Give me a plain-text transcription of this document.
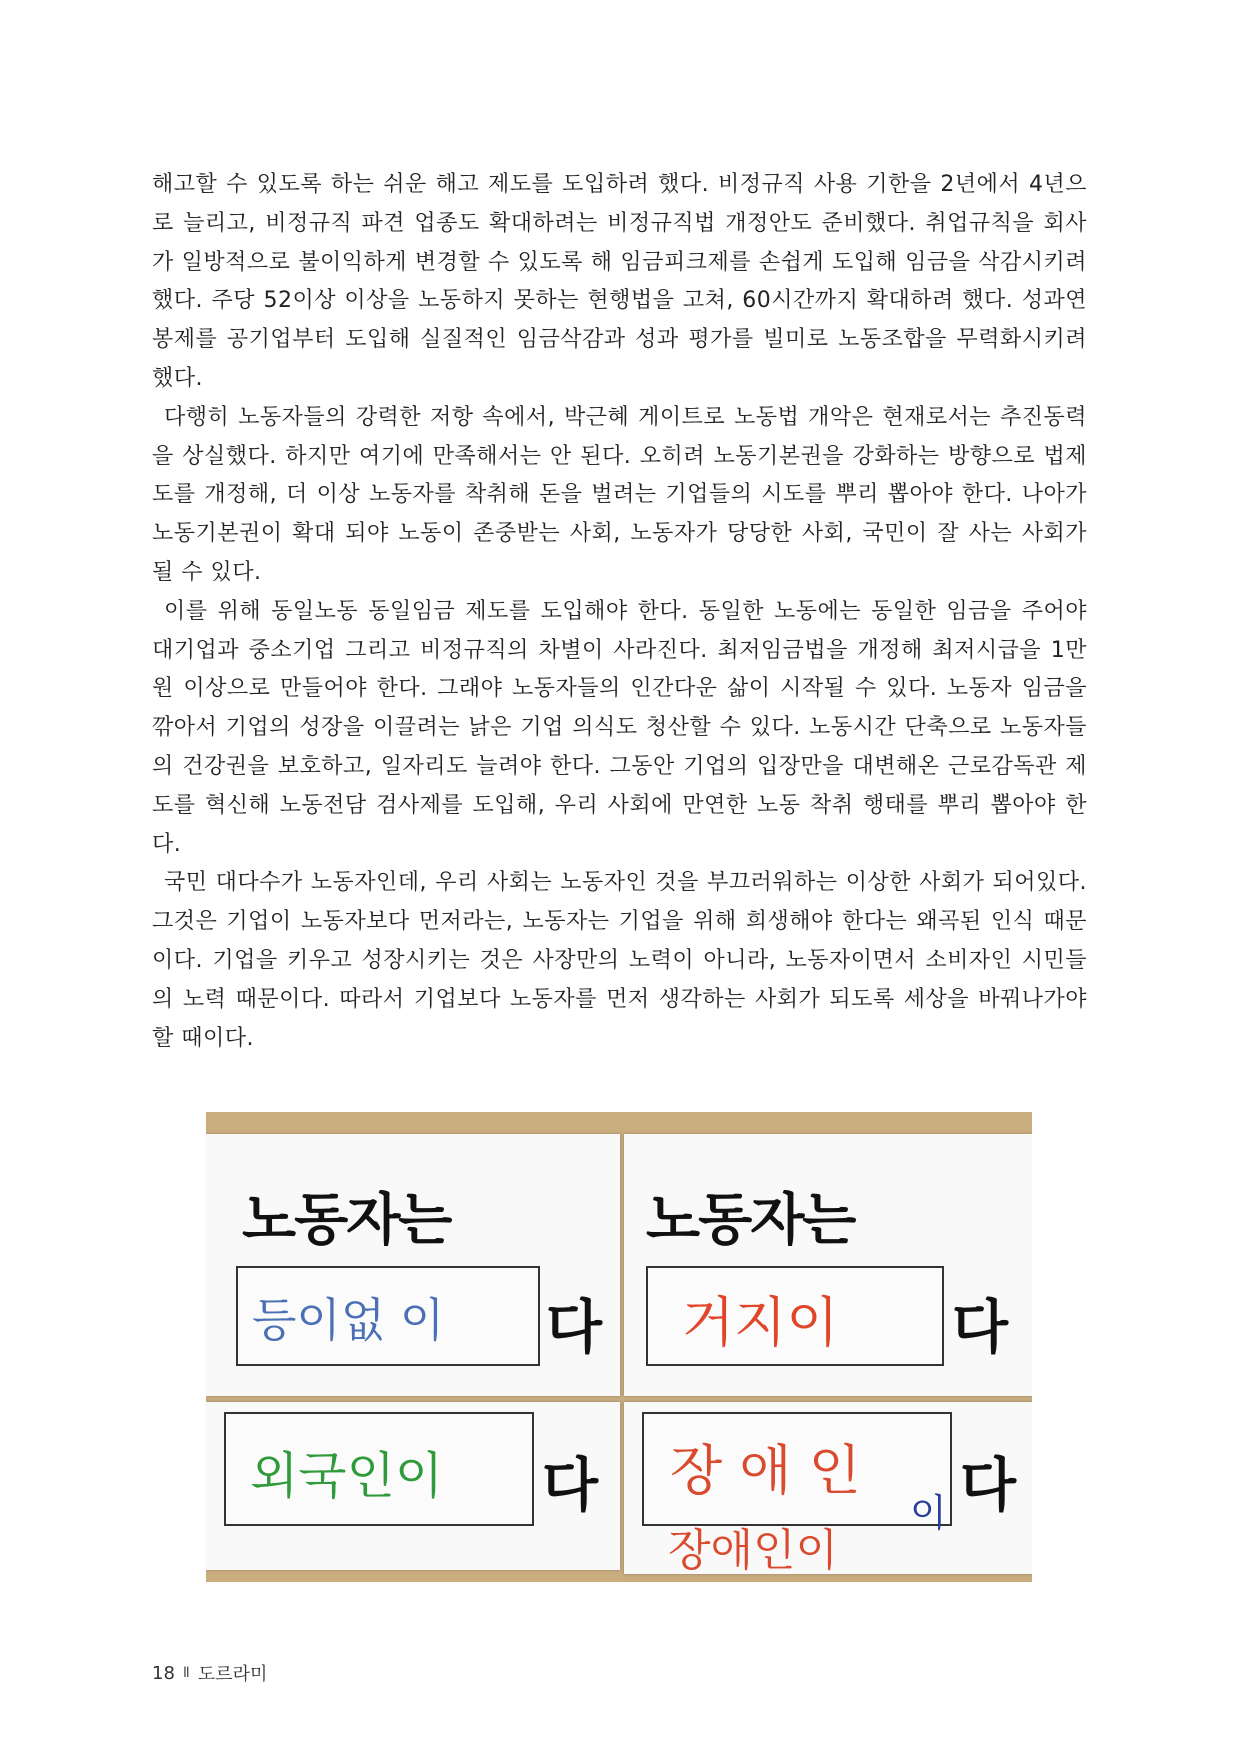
해고할 수 있도록 하는 쉬운 해고 제도를 도입하려 했다. 비정규직 사용 기한을 2년에서 4년으로 늘리고, 비정규직 파견 업종도 확대하려는 비정규직법 개정안도 준비했다. 취업규칙을 회사가 일방적으로 불이익하게 변경할 수 있도록 해 임금피크제를 손쉽게 도입해 임금을 삭감시키려 했다. 주당 52이상 이상을 노동하지 못하는 현행법을 고쳐, 60시간까지 확대하려 했다. 성과연봉제를 공기업부터 도입해 실질적인 임금삭감과 성과 평가를 빌미로 노동조합을 무력화시키려 했다.

다행히 노동자들의 강력한 저항 속에서, 박근혜 게이트로 노동법 개악은 현재로서는 추진동력을 상실했다. 하지만 여기에 만족해서는 안 된다. 오히려 노동기본권을 강화하는 방향으로 법제도를 개정해, 더 이상 노동자를 착취해 돈을 벌려는 기업들의 시도를 뿌리 뽑아야 한다. 나아가 노동기본권이 확대 되야 노동이 존중받는 사회, 노동자가 당당한 사회, 국민이 잘 사는 사회가 될 수 있다.

이를 위해 동일노동 동일임금 제도를 도입해야 한다. 동일한 노동에는 동일한 임금을 주어야 대기업과 중소기업 그리고 비정규직의 차별이 사라진다. 최저임금법을 개정해 최저시급을 1만 원 이상으로 만들어야 한다. 그래야 노동자들의 인간다운 삶이 시작될 수 있다. 노동자 임금을 깎아서 기업의 성장을 이끌려는 낡은 기업 의식도 청산할 수 있다. 노동시간 단축으로 노동자들의 건강권을 보호하고, 일자리도 늘려야 한다. 그동안 기업의 입장만을 대변해온 근로감독관 제도를 혁신해 노동전담 검사제를 도입해, 우리 사회에 만연한 노동 착취 행태를 뿌리 뽑아야 한다.

국민 대다수가 노동자인데, 우리 사회는 노동자인 것을 부끄러워하는 이상한 사회가 되어있다. 그것은 기업이 노동자보다 먼저라는, 노동자는 기업을 위해 희생해야 한다는 왜곡된 인식 때문이다. 기업을 키우고 성장시키는 것은 사장만의 노력이 아니라, 노동자이면서 소비자인 시민들의 노력 때문이다. 따라서 기업보다 노동자를 먼저 생각하는 사회가 되도록 세상을 바꿔나가야 할 때이다.

노동자는
등이없 이 다
노동자는
거지이 다
외국인이 다 장 애 인
이
장애인이
다
18 Ⅱ 도르라미
